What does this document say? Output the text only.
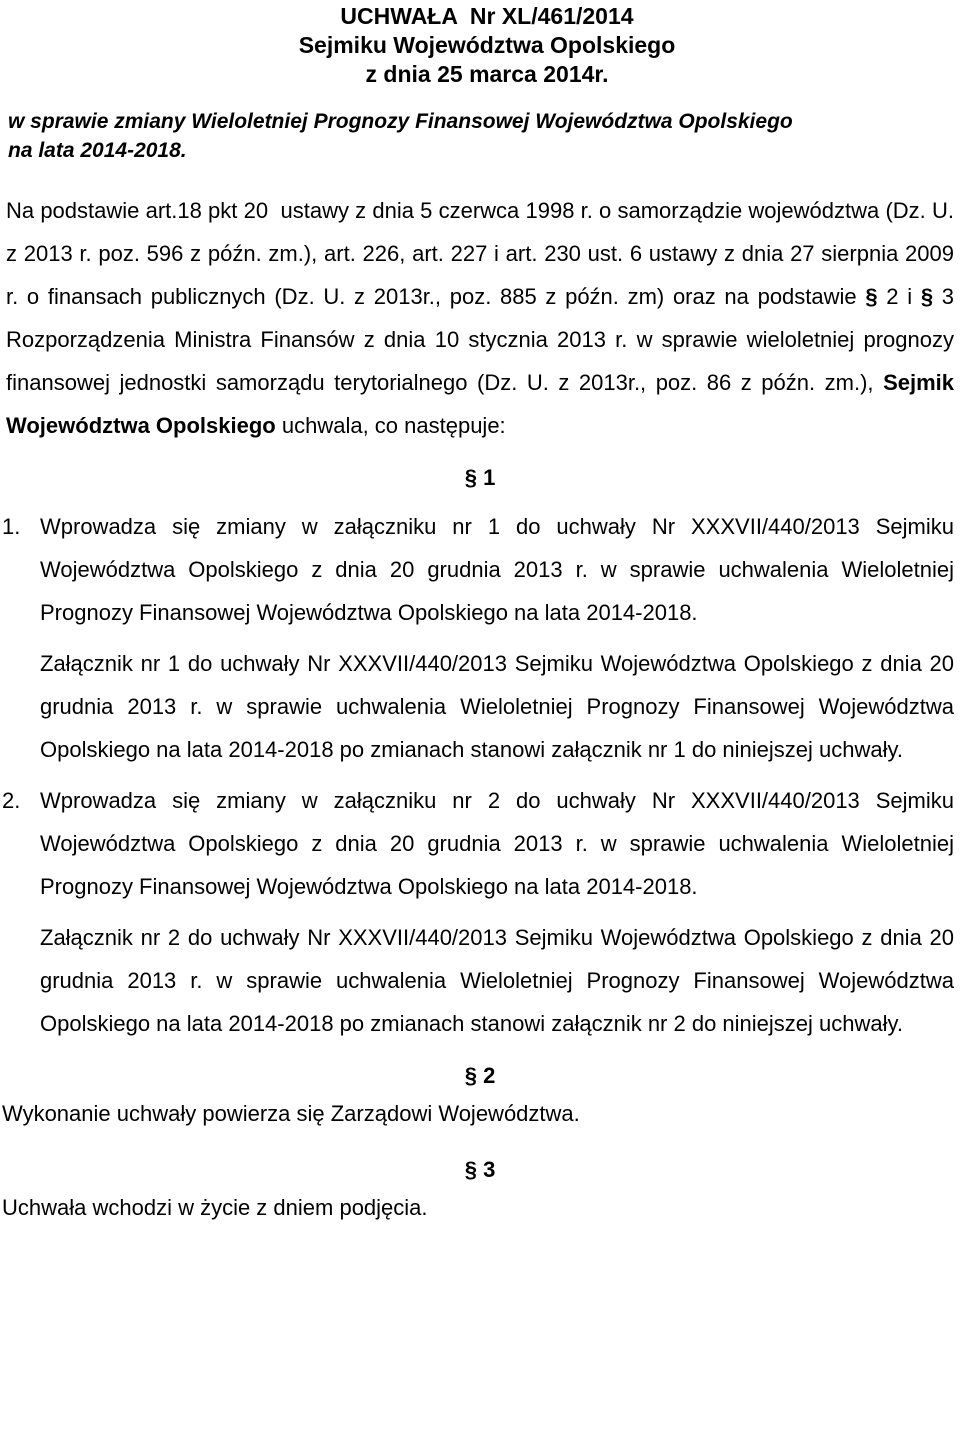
UCHWAŁA  Nr XL/461/2014
Sejmiku Województwa Opolskiego
z dnia 25 marca 2014r.
w sprawie zmiany Wieloletniej Prognozy Finansowej Województwa Opolskiego
na lata 2014-2018.
Na podstawie art.18 pkt 20  ustawy z dnia 5 czerwca 1998 r. o samorządzie województwa (Dz. U. z 2013 r. poz. 596 z późn. zm.), art. 226, art. 227 i art. 230 ust. 6 ustawy z dnia 27 sierpnia 2009 r. o finansach publicznych (Dz. U. z 2013r., poz. 885 z późn. zm) oraz na podstawie § 2 i § 3 Rozporządzenia Ministra Finansów z dnia 10 stycznia 2013 r. w sprawie wieloletniej prognozy finansowej jednostki samorządu terytorialnego (Dz. U. z 2013r., poz. 86 z późn. zm.), Sejmik Województwa Opolskiego uchwala, co następuje:
§ 1
1. Wprowadza się zmiany w załączniku nr 1 do uchwały Nr XXXVII/440/2013 Sejmiku Województwa Opolskiego z dnia 20 grudnia 2013 r. w sprawie uchwalenia Wieloletniej Prognozy Finansowej Województwa Opolskiego na lata 2014-2018.

Załącznik nr 1 do uchwały Nr XXXVII/440/2013 Sejmiku Województwa Opolskiego z dnia 20 grudnia 2013 r. w sprawie uchwalenia Wieloletniej Prognozy Finansowej Województwa Opolskiego na lata 2014-2018 po zmianach stanowi załącznik nr 1 do niniejszej uchwały.

2. Wprowadza się zmiany w załączniku nr 2 do uchwały Nr XXXVII/440/2013 Sejmiku Województwa Opolskiego z dnia 20 grudnia 2013 r. w sprawie uchwalenia Wieloletniej Prognozy Finansowej Województwa Opolskiego na lata 2014-2018.

Załącznik nr 2 do uchwały Nr XXXVII/440/2013 Sejmiku Województwa Opolskiego z dnia 20 grudnia 2013 r. w sprawie uchwalenia Wieloletniej Prognozy Finansowej Województwa Opolskiego na lata 2014-2018 po zmianach stanowi załącznik nr 2 do niniejszej uchwały.

§ 2
Wykonanie uchwały powierza się Zarządowi Województwa.
§ 3
Uchwała wchodzi w życie z dniem podjęcia.
